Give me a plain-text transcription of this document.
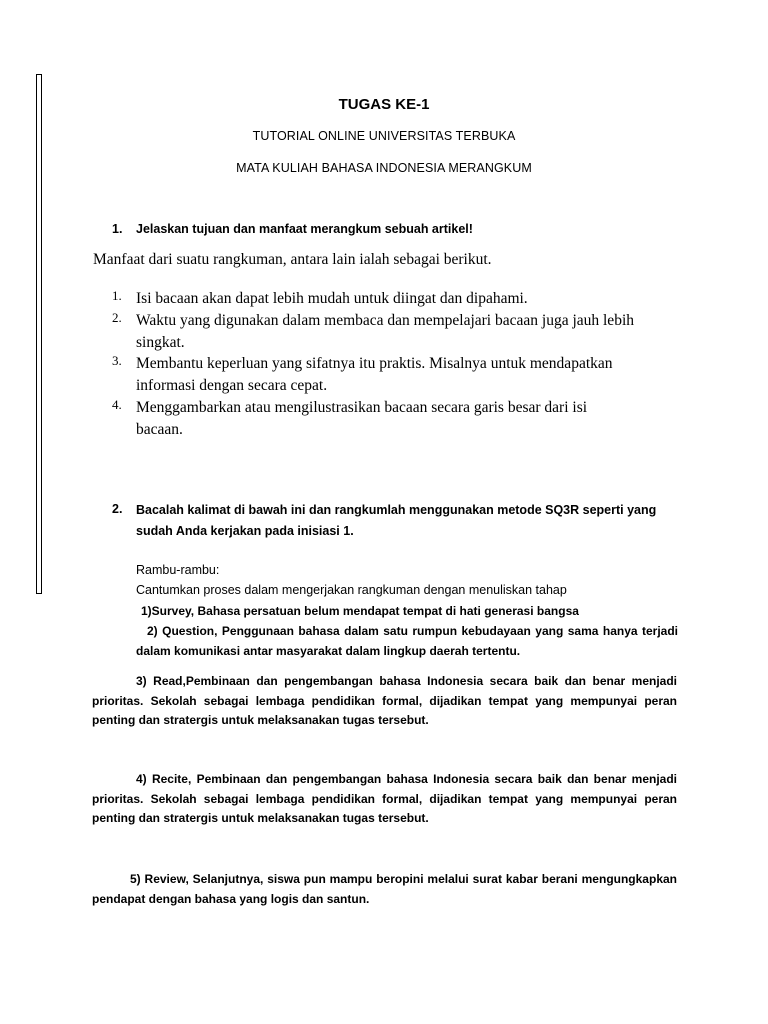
TUGAS KE-1
TUTORIAL ONLINE UNIVERSITAS TERBUKA
MATA KULIAH BAHASA INDONESIA MERANGKUM
1. Jelaskan tujuan dan manfaat merangkum sebuah artikel!
Manfaat dari suatu rangkuman, antara lain ialah sebagai berikut.
1. Isi bacaan akan dapat lebih mudah untuk diingat dan dipahami.
2. Waktu yang digunakan dalam membaca dan mempelajari bacaan juga jauh lebih singkat.
3. Membantu keperluan yang sifatnya itu praktis. Misalnya untuk mendapatkan informasi dengan secara cepat.
4. Menggambarkan atau mengilustrasikan bacaan secara garis besar dari isi bacaan.
2. Bacalah kalimat di bawah ini dan rangkumlah menggunakan metode SQ3R seperti yang sudah Anda kerjakan pada inisiasi 1.
Rambu-rambu:
Cantumkan proses dalam mengerjakan rangkuman dengan menuliskan tahap
1)Survey, Bahasa persatuan belum mendapat tempat di hati generasi bangsa
2) Question, Penggunaan bahasa dalam satu rumpun kebudayaan yang sama hanya terjadi dalam komunikasi antar masyarakat dalam lingkup daerah tertentu.
3) Read,Pembinaan dan pengembangan bahasa Indonesia secara baik dan benar menjadi prioritas. Sekolah sebagai lembaga pendidikan formal, dijadikan tempat yang mempunyai peran penting dan stratergis untuk melaksanakan tugas tersebut.
4) Recite, Pembinaan dan pengembangan bahasa Indonesia secara baik dan benar menjadi prioritas. Sekolah sebagai lembaga pendidikan formal, dijadikan tempat yang mempunyai peran penting dan stratergis untuk melaksanakan tugas tersebut.
5) Review, Selanjutnya, siswa pun mampu beropini melalui surat kabar berani mengungkapkan pendapat dengan bahasa yang logis dan santun.
